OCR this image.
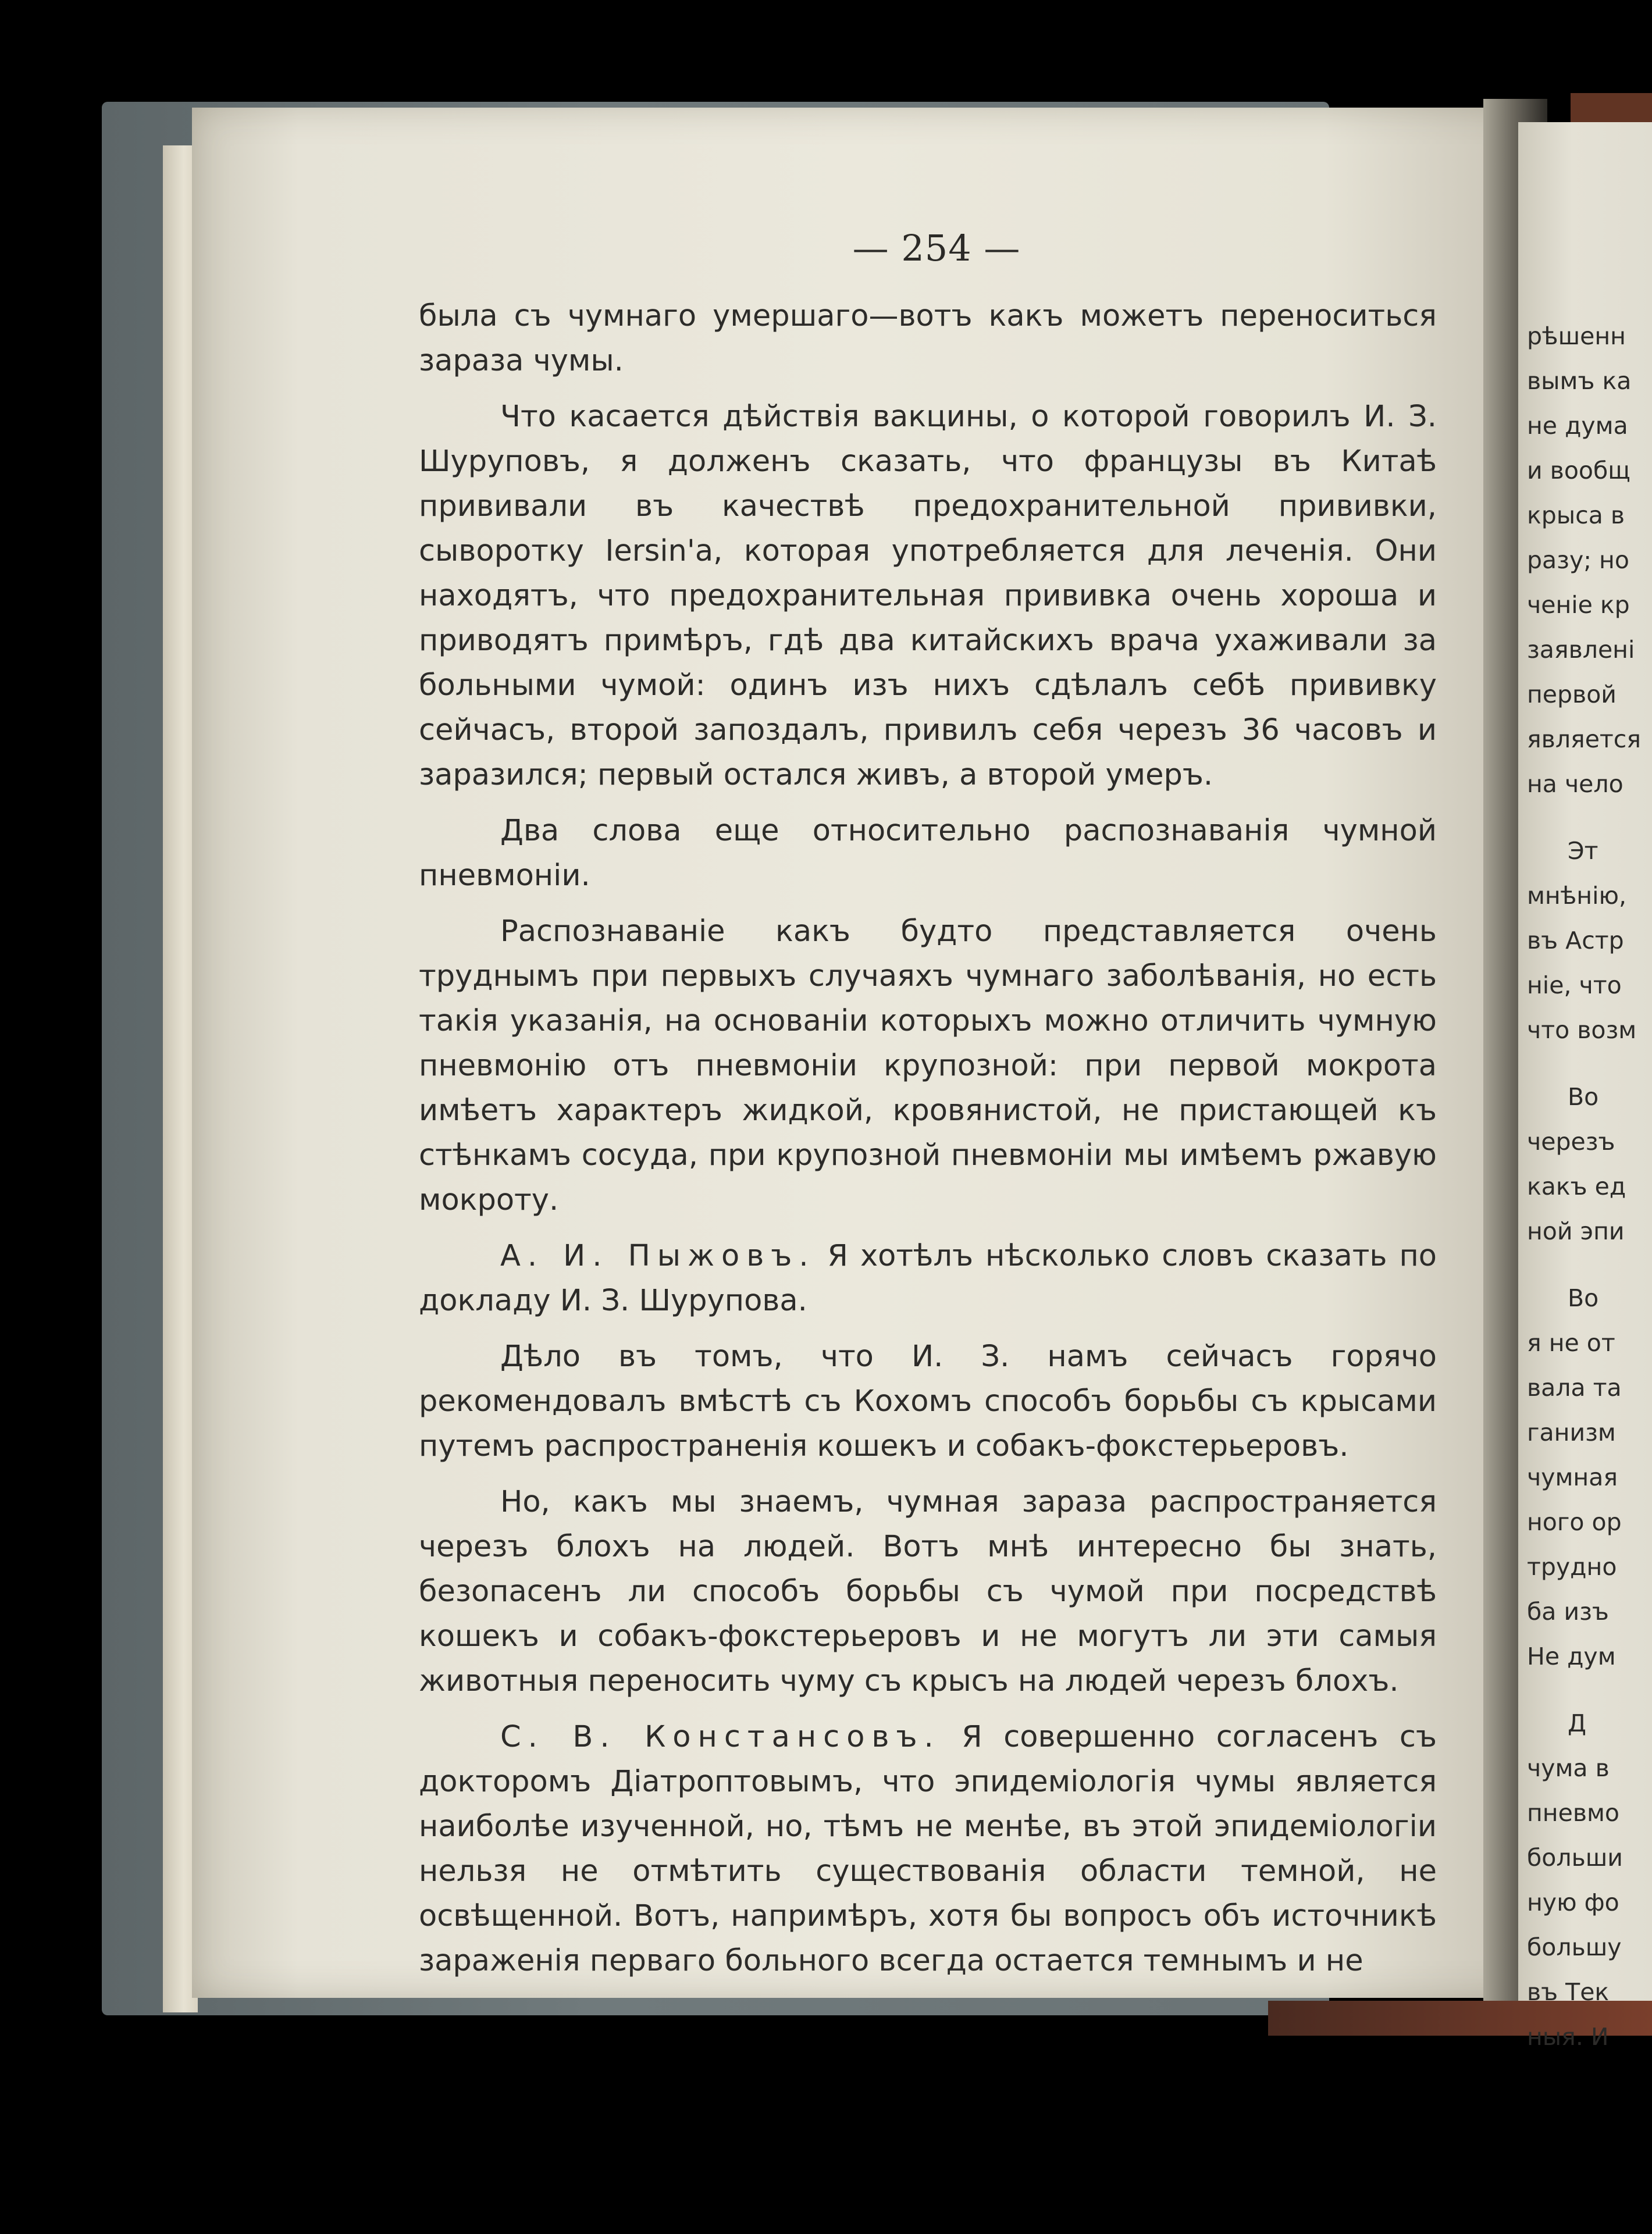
— 254 —

была съ чумнаго умершаго—вотъ какъ можетъ переноситься зараза чумы.

Что касается дѣйствія вакцины, о которой говорилъ И. З. Шуруповъ, я долженъ сказать, что французы въ Китаѣ прививали въ качествѣ предохранительной прививки, сыворотку Iersin'a, которая употребляется для леченія. Они находятъ, что предохранительная прививка очень хороша и приводятъ примѣръ, гдѣ два китайскихъ врача ухаживали за больными чумой: одинъ изъ нихъ сдѣлалъ себѣ прививку сейчасъ, второй запоздалъ, привилъ себя черезъ 36 часовъ и заразился; первый остался живъ, а второй умеръ.

Два слова еще относительно распознаванія чумной пневмоніи.

Распознаваніе какъ будто представляется очень труднымъ при первыхъ случаяхъ чумнаго заболѣванія, но есть такія указанія, на основаніи которыхъ можно отличить чумную пневмонію отъ пневмоніи крупозной: при первой мокрота имѣетъ характеръ жидкой, кровянистой, не пристающей къ стѣнкамъ сосуда, при крупозной пневмоніи мы имѣемъ ржавую мокроту.

А. И. Пыжовъ. Я хотѣлъ нѣсколько словъ сказать по докладу И. З. Шурупова.

Дѣло въ томъ, что И. З. намъ сейчасъ горячо рекомендовалъ вмѣстѣ съ Кохомъ способъ борьбы съ крысами путемъ распространенія кошекъ и собакъ-фокстерьеровъ.

Но, какъ мы знаемъ, чумная зараза распространяется черезъ блохъ на людей. Вотъ мнѣ интересно бы знать, безопасенъ ли способъ борьбы съ чумой при посредствѣ кошекъ и собакъ-фокстерьеровъ и не могутъ ли эти самыя животныя переносить чуму съ крысъ на людей черезъ блохъ.

С. В. Констансовъ. Я совершенно согласенъ съ докторомъ Діатроптовымъ, что эпидеміологія чумы является наиболѣе изученной, но, тѣмъ не менѣе, въ этой эпидеміологіи нельзя не отмѣтить существованія области темной, не освѣщенной. Вотъ, напримѣръ, хотя бы вопросъ объ источникѣ зараженія перваго больного всегда остается темнымъ и не

рѣшенн
вымъ ка
не дума
и вообщ
крыса в
разу; но
ченіе кр
заявлені
первой
является
на чело
Эт
мнѣнію,
въ Астр
ніе, что
что возм
Во
черезъ
какъ ед
ной эпи
Во
я не от
вала та
ганизм
чумная
ного ор
трудно
ба изъ
Не дум
Д
чума в
пневмо
больши
ную фо
большу
въ Тек
ныя. И
